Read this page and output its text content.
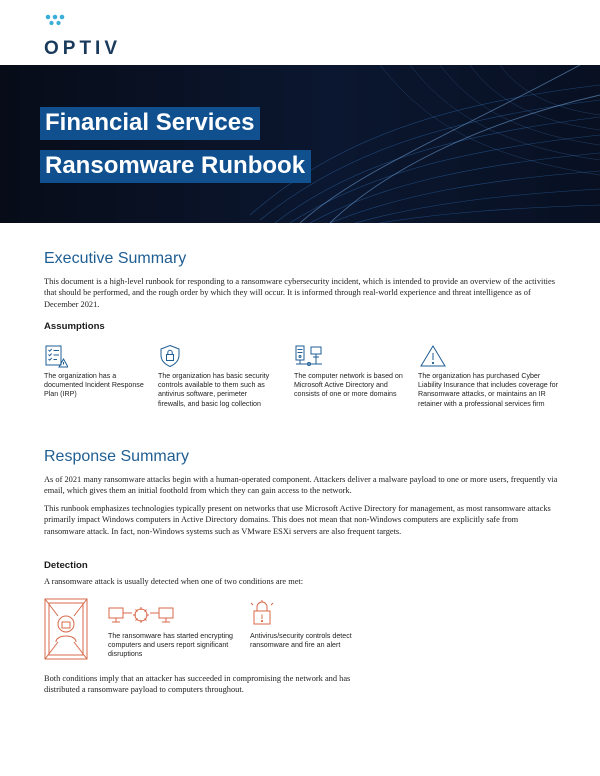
OPTIV
Financial Services
Ransomware Runbook
Executive Summary

This document is a high-level runbook for responding to a ransomware cybersecurity incident, which is intended to provide an overview of the activities that should be performed, and the rough order by which they will occur. It is informed through real-world experience and threat intelligence as of December 2021.

Assumptions
The organization has a documented Incident Response Plan (IRP)
The organization has basic security controls available to them such as antivirus software, perimeter firewalls, and basic log collection
The computer network is based on Microsoft Active Directory and consists of one or more domains
The organization has purchased Cyber Liability Insurance that includes coverage for Ransomware attacks, or maintains an IR retainer with a professional services firm
Response Summary

As of 2021 many ransomware attacks begin with a human-operated component. Attackers deliver a malware payload to one or more users, frequently via email, which gives them an initial foothold from which they can gain access to the network.

This runbook emphasizes technologies typically present on networks that use Microsoft Active Directory for management, as most ransomware attacks primarily impact Windows computers in Active Directory domains. This does not mean that non-Windows computers are explicitly safe from ransomware attack. In fact, non-Windows systems such as VMware ESXi servers are also frequent targets.

Detection

A ransomware attack is usually detected when one of two conditions are met:

The ransomware has started encrypting computers and users report significant disruptions
Antivirus/security controls detect ransomware and fire an alert

Both conditions imply that an attacker has succeeded in compromising the network and has distributed a ransomware payload to computers throughout.
